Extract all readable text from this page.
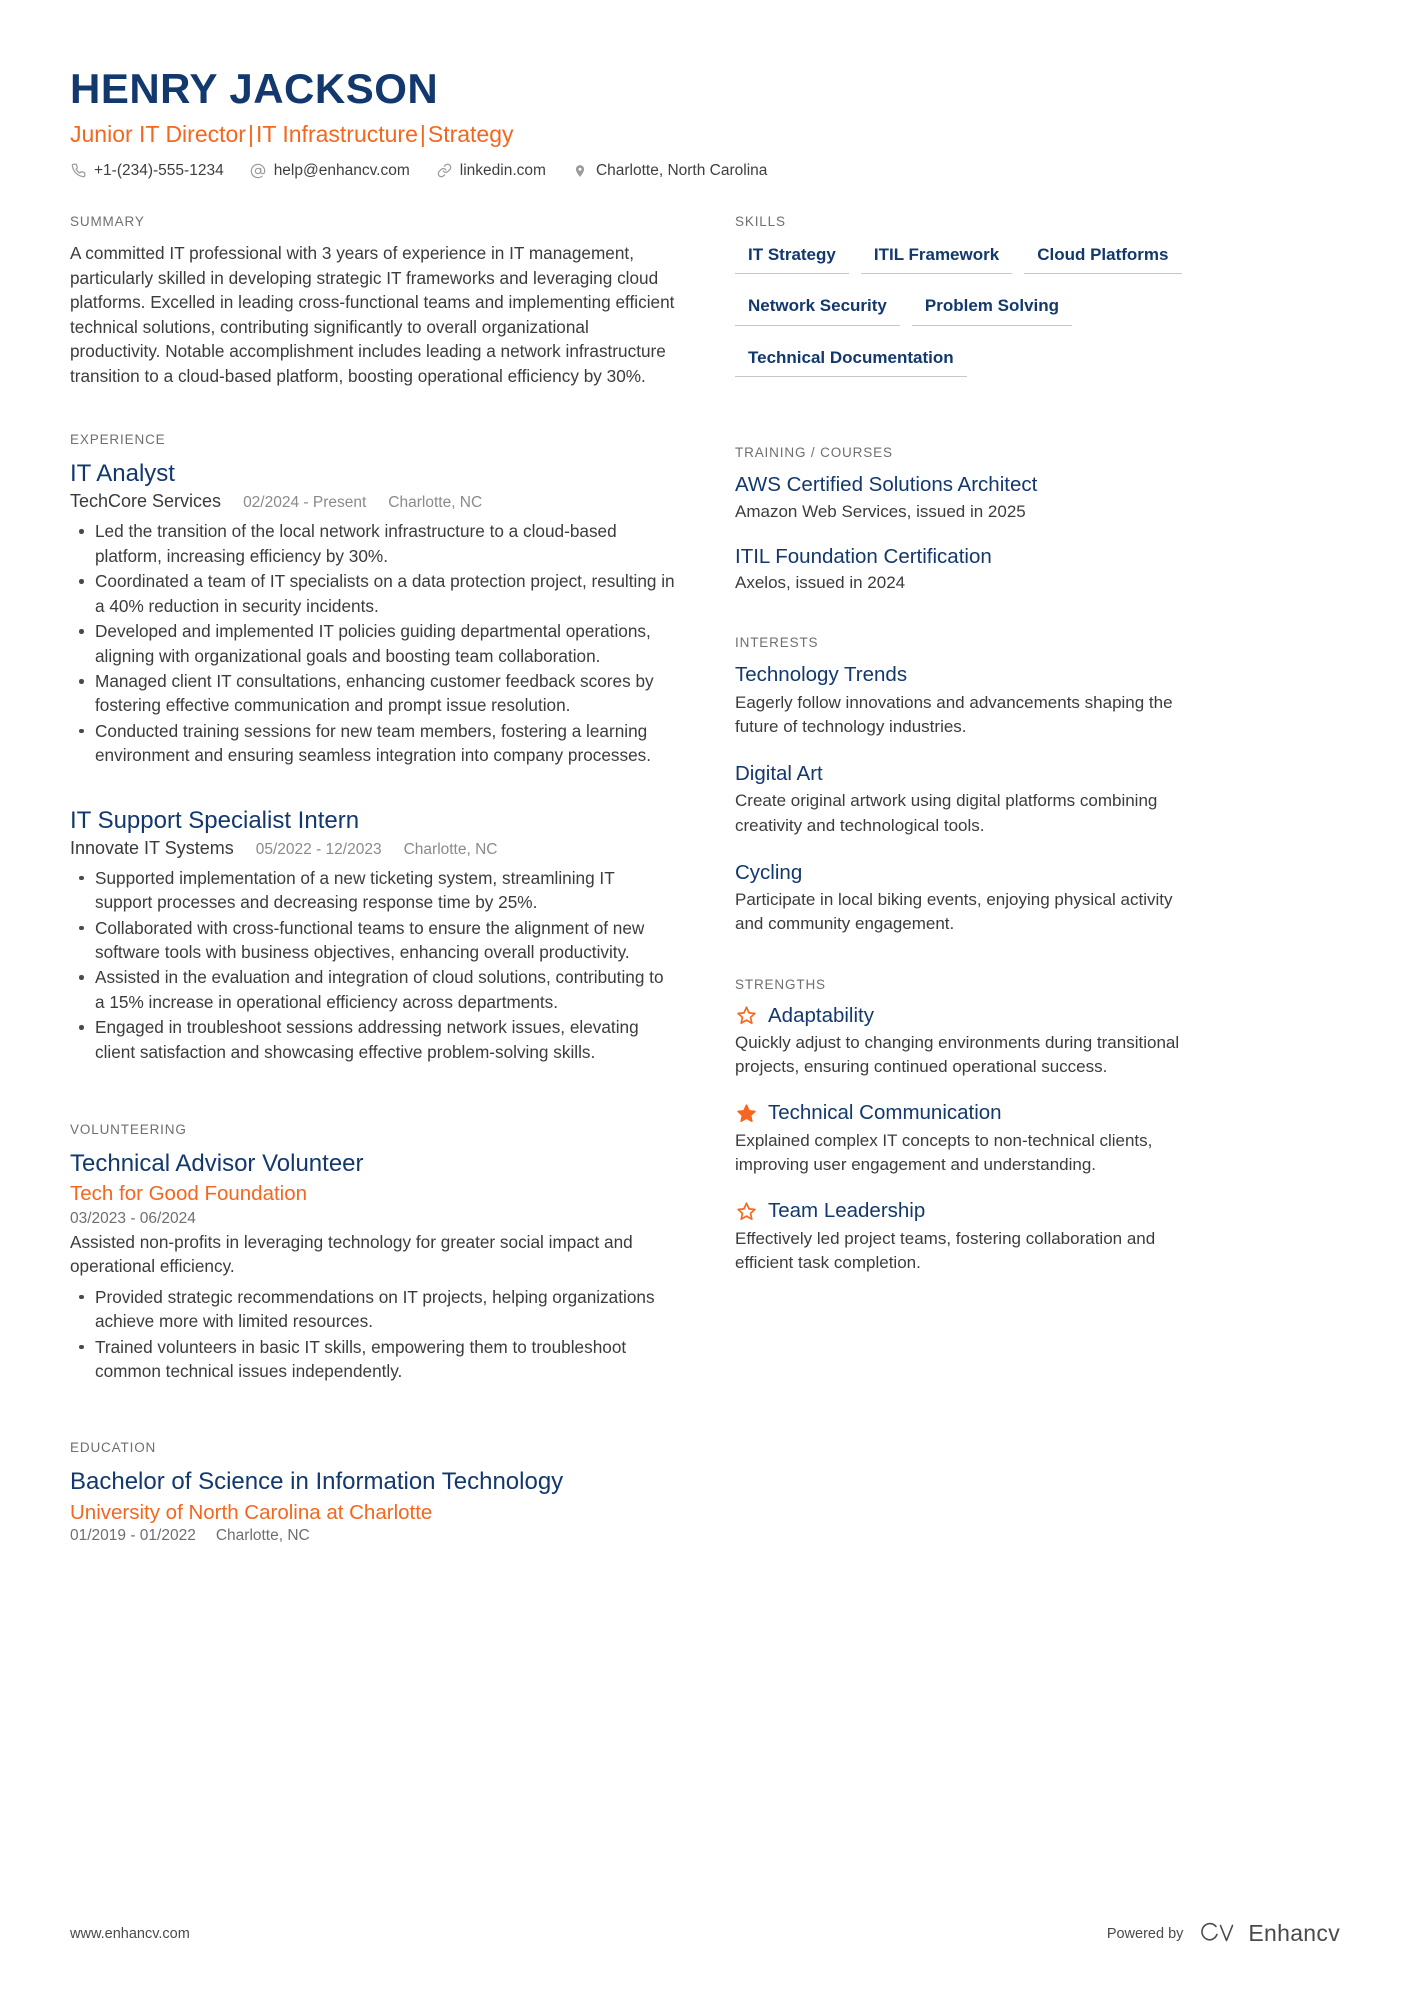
HENRY JACKSON
Junior IT Director|IT Infrastructure|Strategy
+1-(234)-555-1234	help@enhancv.com	linkedin.com	Charlotte, North Carolina
SUMMARY
A committed IT professional with 3 years of experience in IT management, particularly skilled in developing strategic IT frameworks and leveraging cloud platforms. Excelled in leading cross-functional teams and implementing efficient technical solutions, contributing significantly to overall organizational productivity. Notable accomplishment includes leading a network infrastructure transition to a cloud-based platform, boosting operational efficiency by 30%.
EXPERIENCE
IT Analyst
TechCore Services 02/2024 - Present Charlotte, NC
Led the transition of the local network infrastructure to a cloud-based platform, increasing efficiency by 30%.
Coordinated a team of IT specialists on a data protection project, resulting in a 40% reduction in security incidents.
Developed and implemented IT policies guiding departmental operations, aligning with organizational goals and boosting team collaboration.
Managed client IT consultations, enhancing customer feedback scores by fostering effective communication and prompt issue resolution.
Conducted training sessions for new team members, fostering a learning environment and ensuring seamless integration into company processes.
IT Support Specialist Intern
Innovate IT Systems 05/2022 - 12/2023 Charlotte, NC
Supported implementation of a new ticketing system, streamlining IT support processes and decreasing response time by 25%.
Collaborated with cross-functional teams to ensure the alignment of new software tools with business objectives, enhancing overall productivity.
Assisted in the evaluation and integration of cloud solutions, contributing to a 15% increase in operational efficiency across departments.
Engaged in troubleshoot sessions addressing network issues, elevating client satisfaction and showcasing effective problem-solving skills.
VOLUNTEERING
Technical Advisor Volunteer
Tech for Good Foundation
03/2023 - 06/2024
Assisted non-profits in leveraging technology for greater social impact and operational efficiency.
Provided strategic recommendations on IT projects, helping organizations achieve more with limited resources.
Trained volunteers in basic IT skills, empowering them to troubleshoot common technical issues independently.
EDUCATION
Bachelor of Science in Information Technology
University of North Carolina at Charlotte
01/2019 - 01/2022 Charlotte, NC
SKILLS
IT Strategy	ITIL Framework	Cloud Platforms
Network Security	Problem Solving
Technical Documentation
TRAINING / COURSES
AWS Certified Solutions Architect
Amazon Web Services, issued in 2025
ITIL Foundation Certification
Axelos, issued in 2024
INTERESTS
Technology Trends
Eagerly follow innovations and advancements shaping the future of technology industries.
Digital Art
Create original artwork using digital platforms combining creativity and technological tools.
Cycling
Participate in local biking events, enjoying physical activity and community engagement.
STRENGTHS
Adaptability
Quickly adjust to changing environments during transitional projects, ensuring continued operational success.
Technical Communication
Explained complex IT concepts to non-technical clients, improving user engagement and understanding.
Team Leadership
Effectively led project teams, fostering collaboration and efficient task completion.
www.enhancv.com	Powered by	Enhancv
